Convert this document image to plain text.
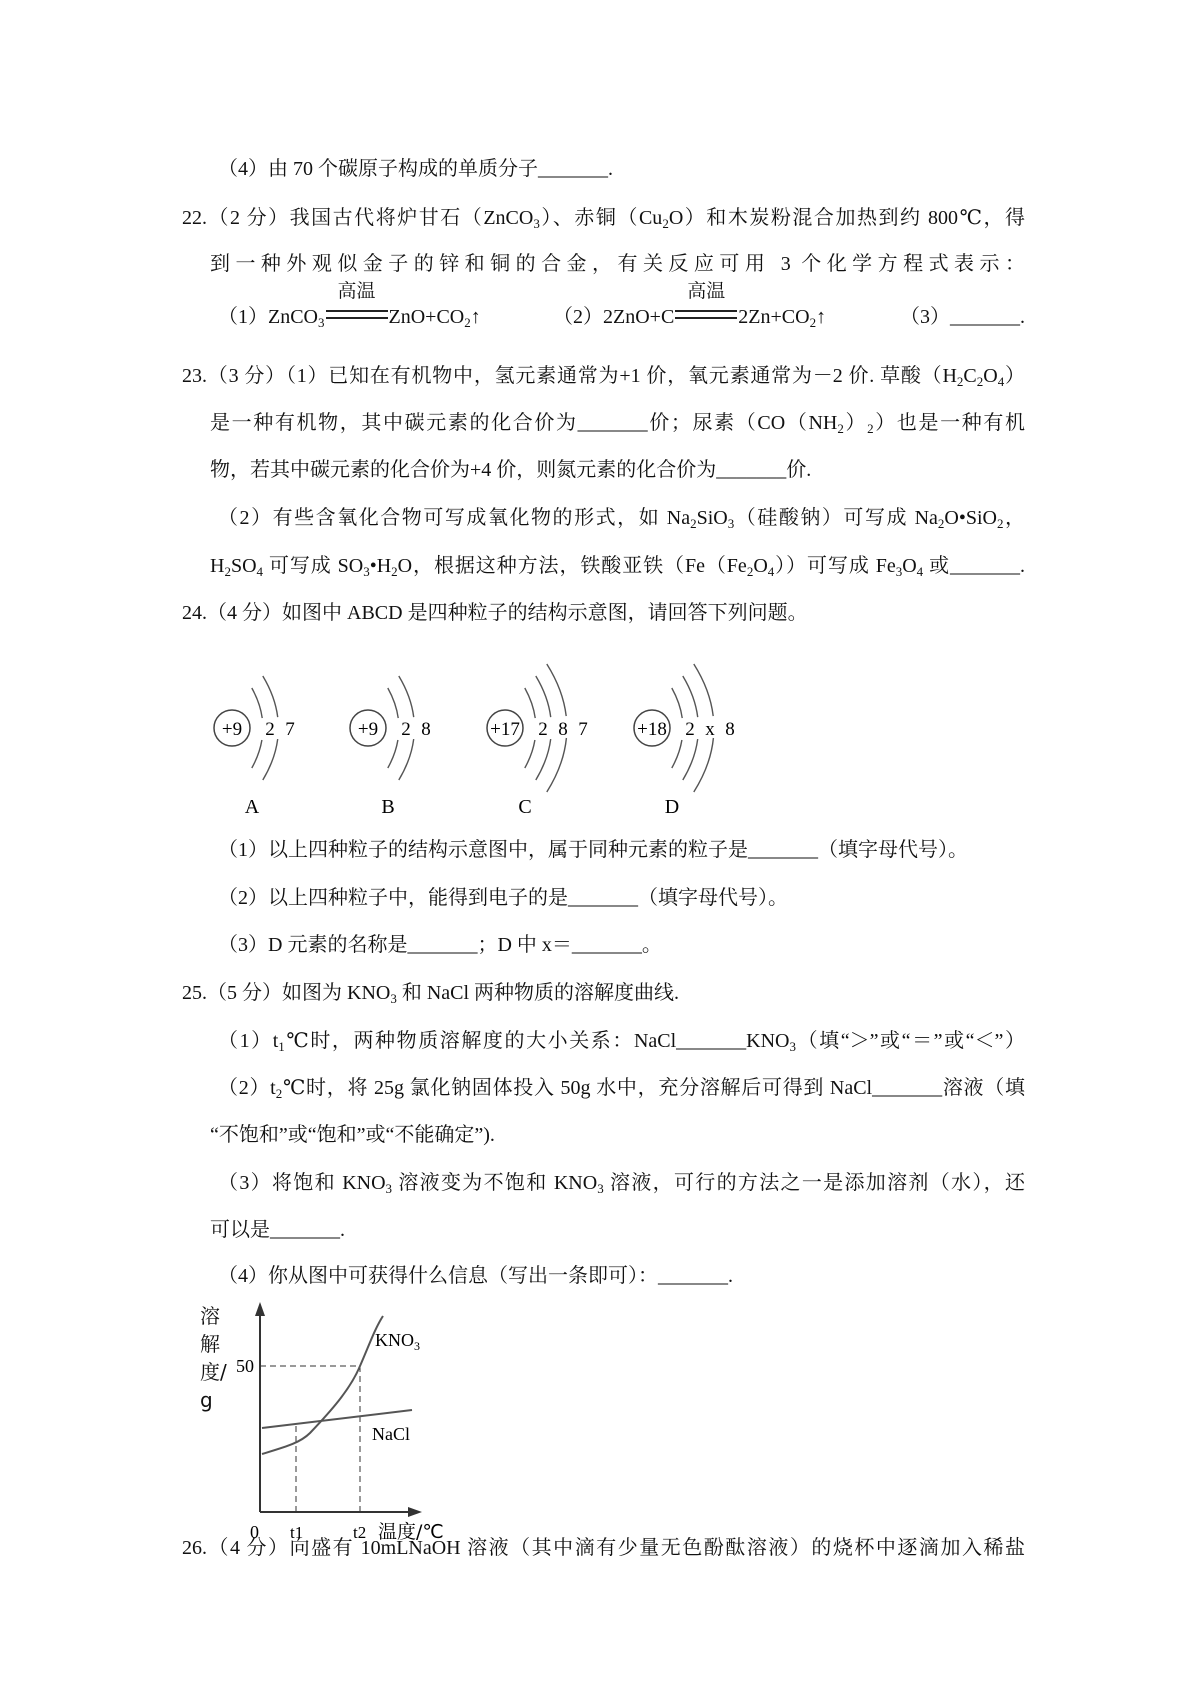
（4）由 70 个碳原子构成的单质分子_______.
22.（2 分）我国古代将炉甘石（ZnCO$_3$）、赤铜$(Cu_2O)$和木炭粉混合加热到约 800℃，得
到一种外观似金子的锌和铜的合金，有关反应可用 3 个化学方程式表示：
23.（3 分）（1）已知在有机物中，氢元素通常为+1 价，氧元素通常为－2 价. 草酸$(H_2C_2O_4)$
是一种有机物，其中碳元素的化合价为_______价；尿素$(CO(NH_2)_2)$也是一种有机
物，若其中碳元素的化合价为+4 价，则氮元素的化合价为_______价.
（2）有些含氧化合物可写成氧化物的形式，如 $Na_2SiO_3$（硅酸钠）可写成 $Na_2O•SiO_2$，
$H_2SO_4$ 可写成 $SO_3•H_2O$，根据这种方法，铁酸亚铁$(Fe(Fe_2O_4))$可写成 $Fe_3O_4$ 或_______.
24.（4 分）如图中 ABCD 是四种粒子的结构示意图，请回答下列问题。
（1）以上四种粒子的结构示意图中，属于同种元素的粒子是_______（填字母代号）。
（2）以上四种粒子中，能得到电子的是_______（填字母代号）。
（3）D 元素的名称是_______；D 中 x＝_______。
25.（5 分）如图为 $KNO_3$ 和 NaCl 两种物质的溶解度曲线.
$(1)t_1℃$时，两种物质溶解度的大小关系：$NaCl\_\_\_\_\_\_\_KNO_3$（填“＞”或“＝”或“＜”）
$(2)t_2℃$时，将 25g 氯化钠固体投入 50g 水中，充分溶解后可得到 NaCl_______溶液（填
“不饱和”或“饱和”或“不能确定”).
（3）将饱和 $KNO_3$ 溶液变为不饱和 $KNO_3$ 溶液，可行的方法之一是添加溶剂（水），还
可以是_______.
（4）你从图中可获得什么信息（写出一条即可）：_______.
26.（4 分）向盛有 10mLNaOH 溶液（其中滴有少量无色酚酞溶液）的烧杯中逐滴加入稀盐
（1）ZnCO$_3$
高温
$ZnO+CO_2↑$	（2）2ZnO+C
高温
$2Zn+CO_2↑$	（3）_______.
+9 2 7
A
+9 2 8
B
+17 2 8 7
C
+18 2 x 8
D
溶解度/g
50
0 t1	t2 温度/℃
$KNO_3$
NaCl
